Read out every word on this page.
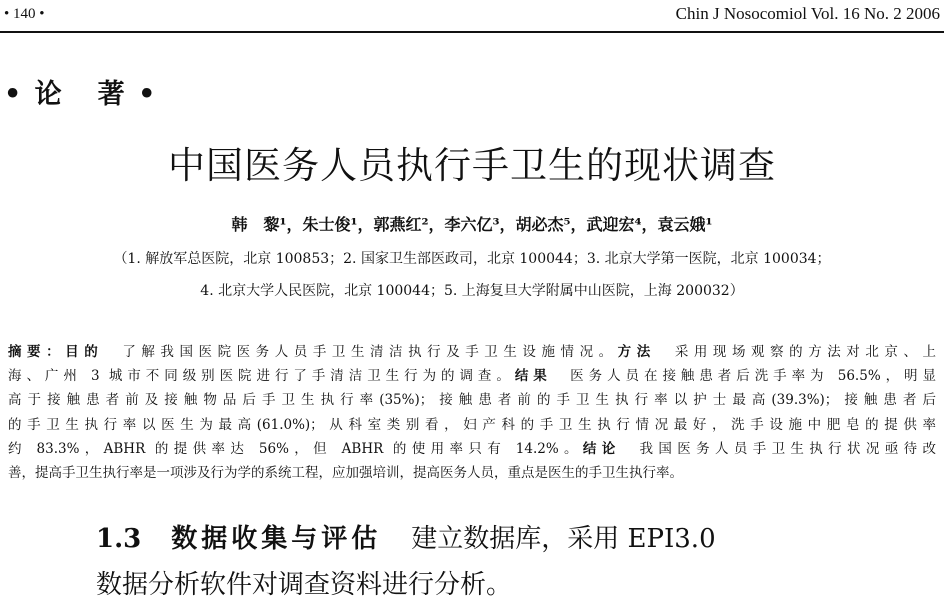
• 140 •	Chin J Nosocomiol Vol. 16 No. 2 2006
• 论 著 •
中国医务人员执行手卫生的现状调查
韩　黎¹，朱士俊¹，郭燕红²，李六亿³，胡必杰⁵，武迎宏⁴，袁云娥¹
（1. 解放军总医院，北京 100853；2. 国家卫生部医政司，北京 100044；3. 北京大学第一医院，北京 100034；
4. 北京大学人民医院，北京 100044；5. 上海复旦大学附属中山医院，上海 200032）
摘要：目的　了解我国医院医务人员手卫生清洁执行及手卫生设施情况。方法　采用现场观察的方法对北京、上
海、广州 3 城市不同级别医院进行了手清洁卫生行为的调查。结果　医务人员在接触患者后洗手率为 56.5%，明显
高于接触患者前及接触物品后手卫生执行率(35%)；接触患者前的手卫生执行率以护士最高(39.3%)；接触患者后
的手卫生执行率以医生为最高(61.0%)；从科室类别看，妇产科的手卫生执行情况最好，洗手设施中肥皂的提供率
约 83.3%，ABHR 的提供率达 56%，但 ABHR 的使用率只有 14.2%。结论　我国医务人员手卫生执行状况亟待改
善，提高手卫生执行率是一项涉及行为学的系统工程，应加强培训，提高医务人员，重点是医生的手卫生执行率。
1.3 数据收集与评估 建立数据库，采用 EPI3.0
数据分析软件对调查资料进行分析。
